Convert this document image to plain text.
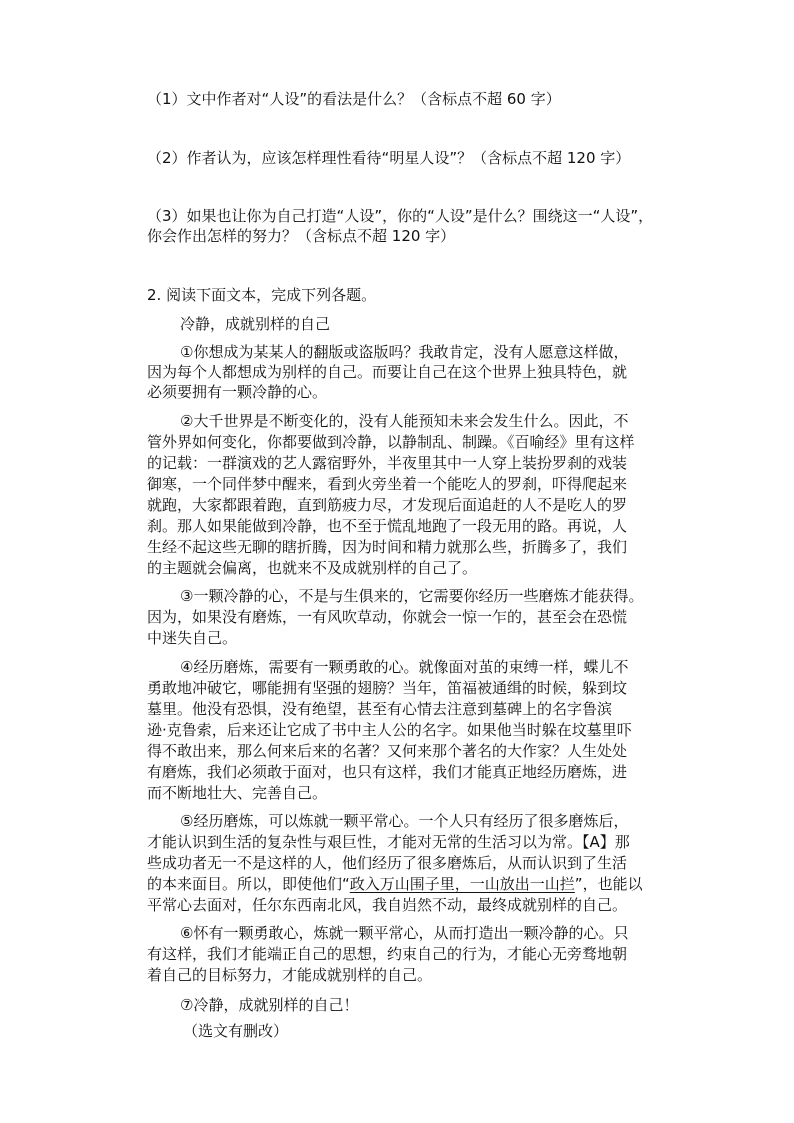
（1）文中作者对“人设”的看法是什么？（含标点不超 60 字）
（2）作者认为，应该怎样理性看待“明星人设”？（含标点不超 120 字）
（3）如果也让你为自己打造“人设”，你的“人设”是什么？围绕这一“人设”，
你会作出怎样的努力？（含标点不超 120 字）
2. 阅读下面文本，完成下列各题。
冷静，成就别样的自己
①你想成为某某人的翻版或盗版吗？我敢肯定，没有人愿意这样做，
因为每个人都想成为别样的自己。而要让自己在这个世界上独具特色，就
必须要拥有一颗冷静的心。
②大千世界是不断变化的，没有人能预知未来会发生什么。因此，不
管外界如何变化，你都要做到冷静，以静制乱、制躁。《百喻经》里有这样
的记载：一群演戏的艺人露宿野外，半夜里其中一人穿上装扮罗刹的戏装
御寒，一个同伴梦中醒来，看到火旁坐着一个能吃人的罗刹，吓得爬起来
就跑，大家都跟着跑，直到筋疲力尽，才发现后面追赶的人不是吃人的罗
刹。那人如果能做到冷静，也不至于慌乱地跑了一段无用的路。再说，人
生经不起这些无聊的瞎折腾，因为时间和精力就那么些，折腾多了，我们
的主题就会偏离，也就来不及成就别样的自己了。
③一颗冷静的心，不是与生俱来的，它需要你经历一些磨炼才能获得。
因为，如果没有磨炼，一有风吹草动，你就会一惊一乍的，甚至会在恐慌
中迷失自己。
④经历磨炼，需要有一颗勇敢的心。就像面对茧的束缚一样，蝶儿不
勇敢地冲破它，哪能拥有坚强的翅膀？当年，笛福被通缉的时候，躲到坟
墓里。他没有恐惧，没有绝望，甚至有心情去注意到墓碑上的名字鲁滨
逊·克鲁索，后来还让它成了书中主人公的名字。如果他当时躲在坟墓里吓
得不敢出来，那么何来后来的名著？又何来那个著名的大作家？人生处处
有磨炼，我们必须敢于面对，也只有这样，我们才能真正地经历磨炼，进
而不断地壮大、完善自己。
⑤经历磨炼，可以炼就一颗平常心。一个人只有经历了很多磨炼后，
才能认识到生活的复杂性与艰巨性，才能对无常的生活习以为常。【A】那
些成功者无一不是这样的人，他们经历了很多磨炼后，从而认识到了生活
的本来面目。所以，即使他们“政入万山围子里，一山放出一山拦”，也能以
平常心去面对，任尔东西南北风，我自岿然不动，最终成就别样的自己。
⑥怀有一颗勇敢心，炼就一颗平常心，从而打造出一颗冷静的心。只
有这样，我们才能端正自己的思想，约束自己的行为，才能心无旁骛地朝
着自己的目标努力，才能成就别样的自己。
⑦冷静，成就别样的自己！
（选文有删改）
